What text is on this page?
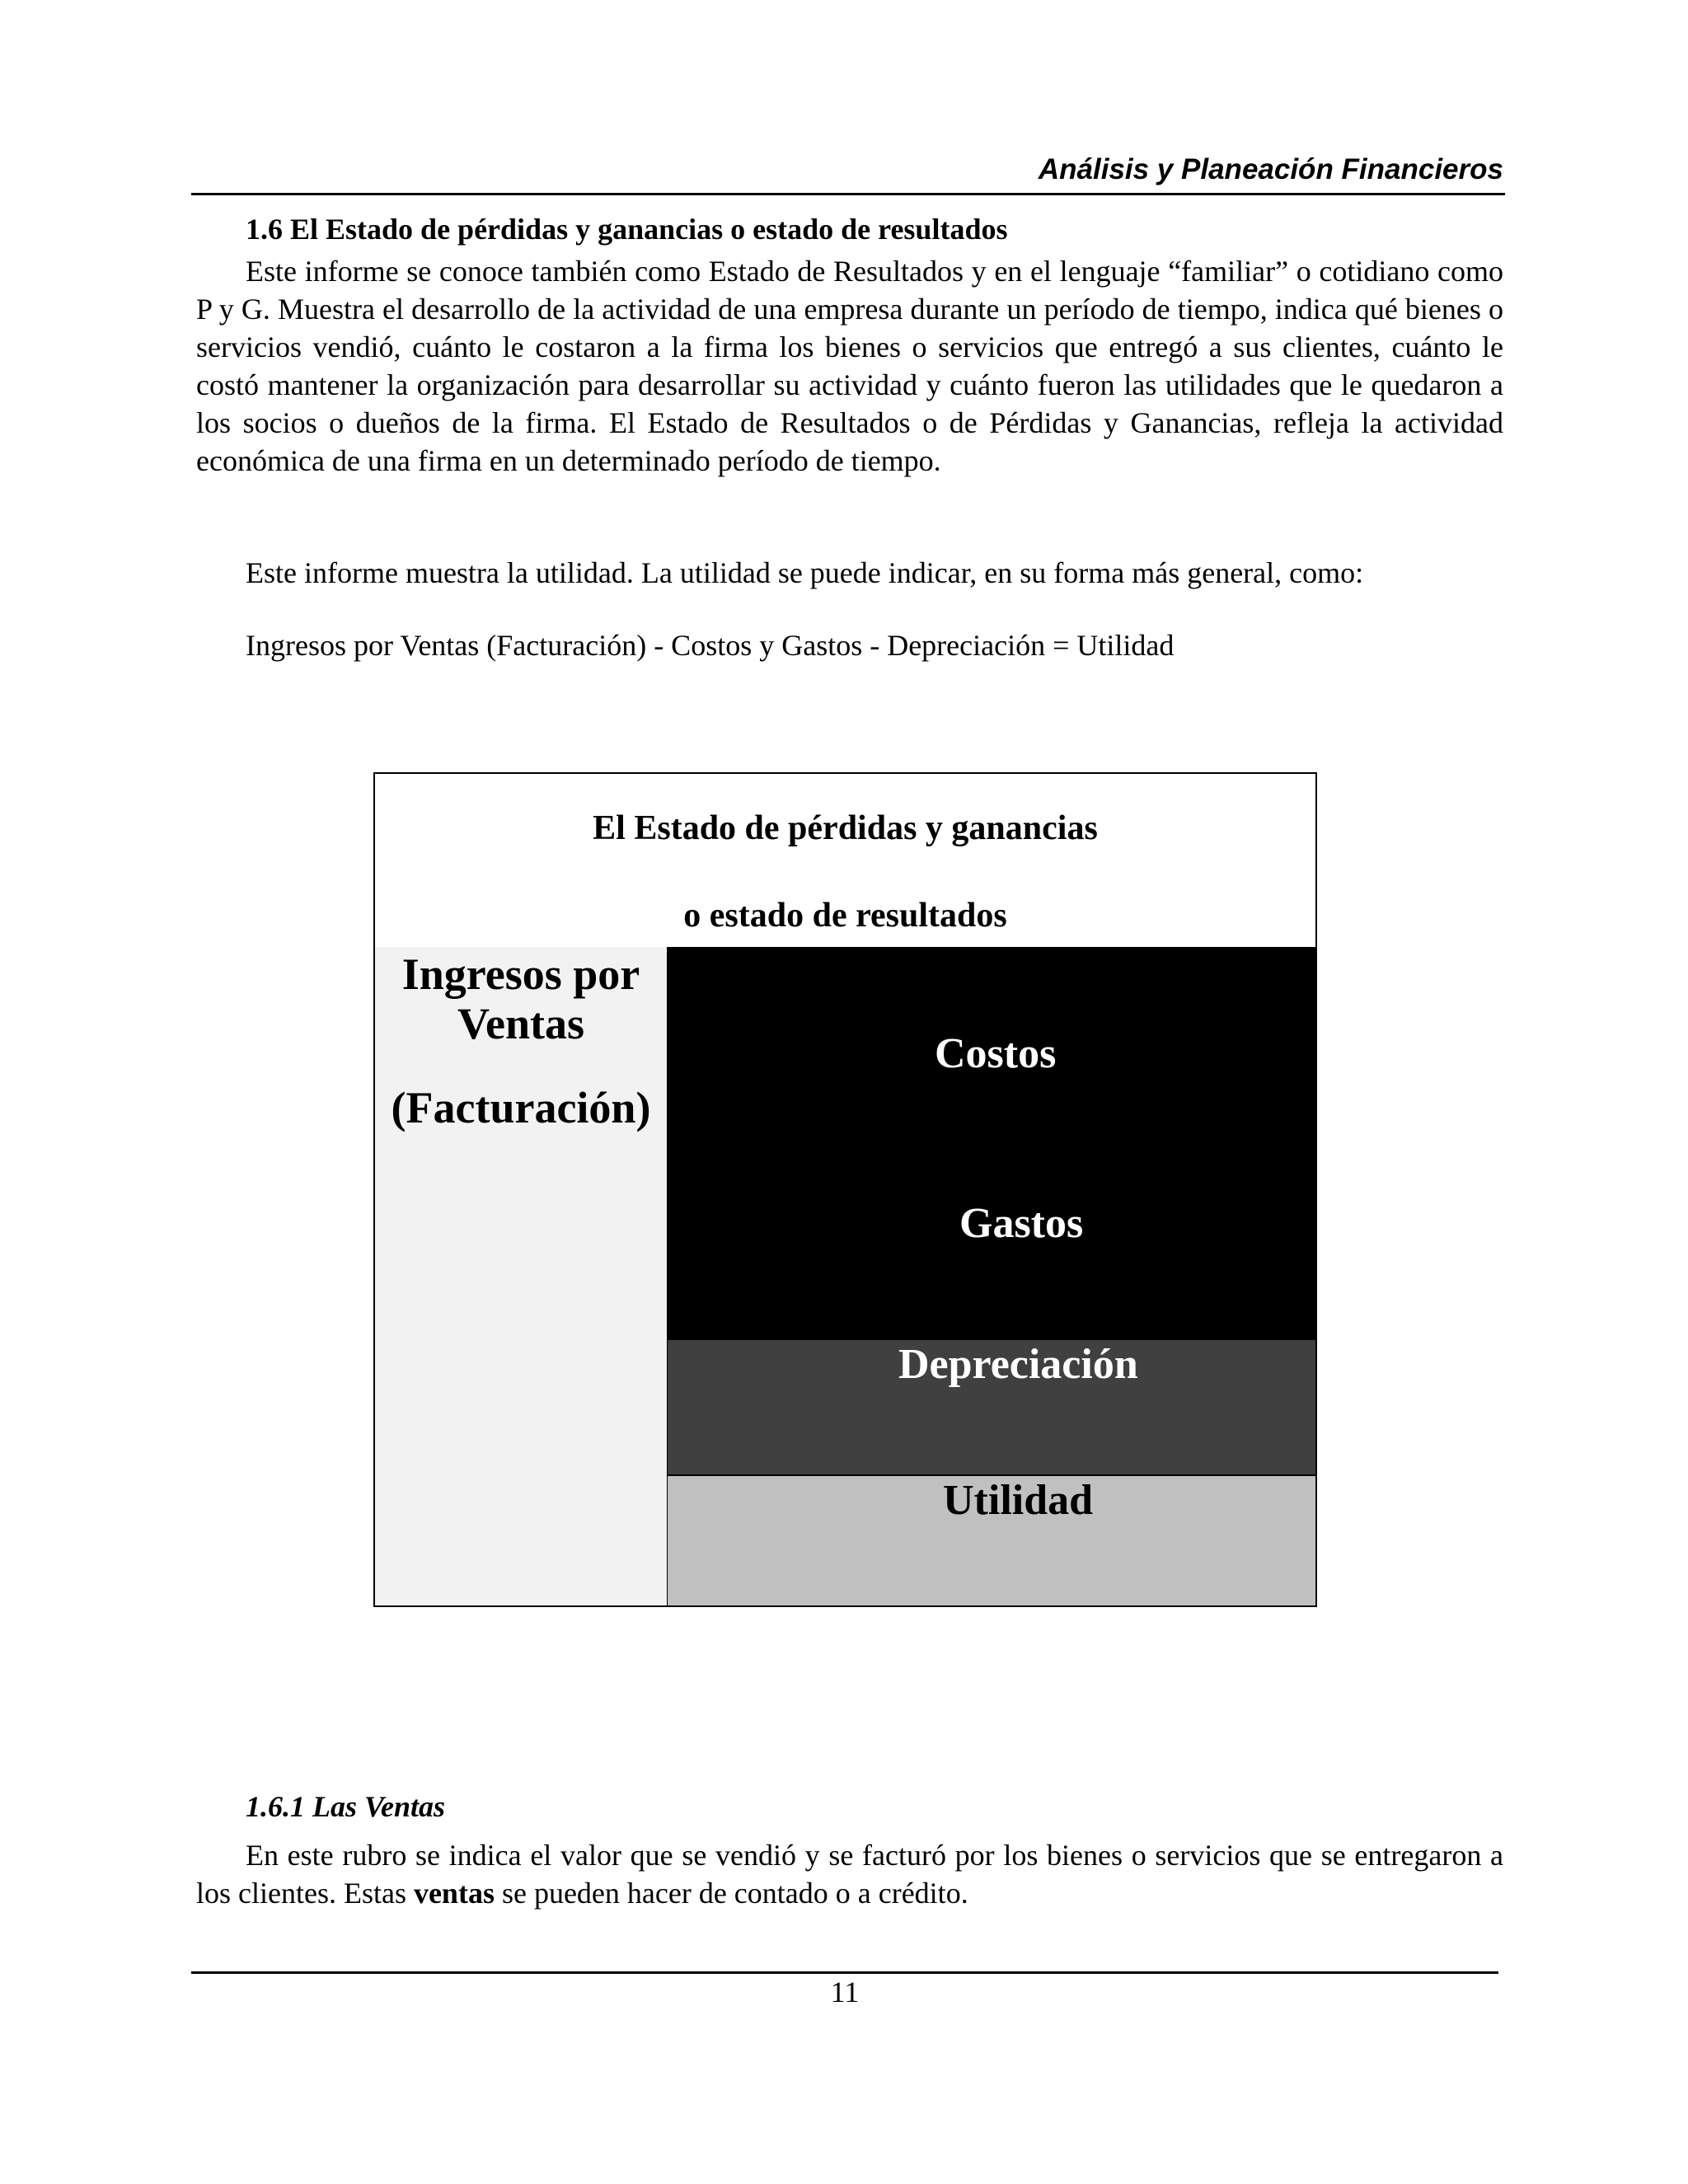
Análisis y Planeación Financieros
1.6 El Estado de pérdidas y ganancias o estado de resultados
Este informe se conoce también como Estado de Resultados y en el lenguaje “familiar” o cotidiano como P y G. Muestra el desarrollo de la actividad de una empresa durante un período de tiempo, indica qué bienes o servicios vendió, cuánto le costaron a la firma los bienes o servicios que entregó a sus clientes, cuánto le costó mantener la organización para desarrollar su actividad y cuánto fueron las utilidades que le quedaron a los socios o dueños de la firma. El Estado de Resultados o de Pérdidas y Ganancias, refleja la actividad económica de una firma en un determinado período de tiempo.
Este informe muestra la utilidad. La utilidad se puede indicar, en su forma más general, como:
Ingresos por Ventas (Facturación) - Costos y Gastos - Depreciación = Utilidad
El Estado de pérdidas y ganancias
o estado de resultados
Ingresos por
Ventas
(Facturación)
Costos
Gastos
Depreciación
Utilidad
1.6.1 Las Ventas
En este rubro se indica el valor que se vendió y se facturó por los bienes o servicios que se entregaron a los clientes. Estas ventas se pueden hacer de contado o a crédito.
11
